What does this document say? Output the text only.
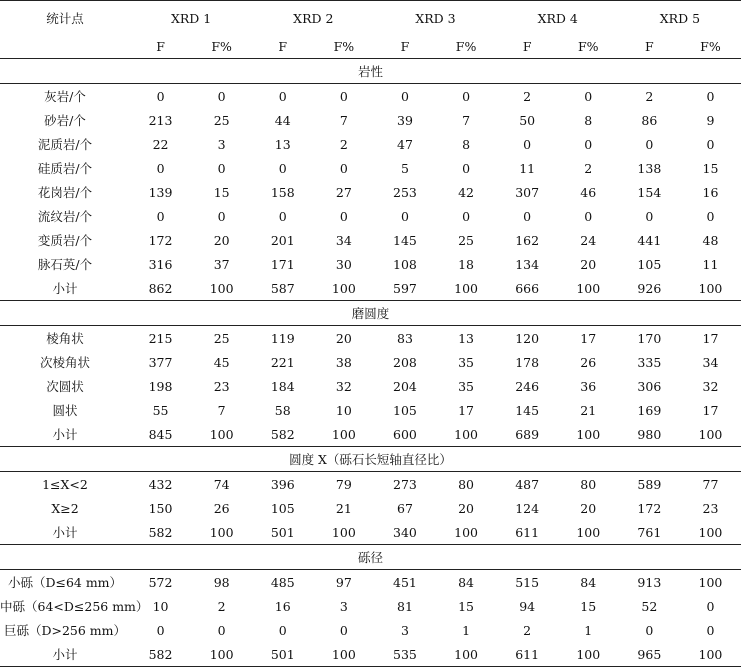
统计点	XRD 1		XRD 2		XRD 3		XRD 4		XRD 5	
	F	F%	F	F%	F	F%	F	F%	F	F%
岩性										
灰岩/个	0	0	0	0	0	0	2	0	2	0
砂岩/个	213	25	44	7	39	7	50	8	86	9
泥质岩/个	22	3	13	2	47	8	0	0	0	0
硅质岩/个	0	0	0	0	5	0	11	2	138	15
花岗岩/个	139	15	158	27	253	42	307	46	154	16
流纹岩/个	0	0	0	0	0	0	0	0	0	0
变质岩/个	172	20	201	34	145	25	162	24	441	48
脉石英/个	316	37	171	30	108	18	134	20	105	11
小计	862	100	587	100	597	100	666	100	926	100
磨圆度										
棱角状	215	25	119	20	83	13	120	17	170	17
次棱角状	377	45	221	38	208	35	178	26	335	34
次圆状	198	23	184	32	204	35	246	36	306	32
圆状	55	7	58	10	105	17	145	21	169	17
小计	845	100	582	100	600	100	689	100	980	100
圆度 X（砾石长短轴直径比）										
1≤X<2	432	74	396	79	273	80	487	80	589	77
X≥2	150	26	105	21	67	20	124	20	172	23
小计	582	100	501	100	340	100	611	100	761	100
砾径										
小砾（D≤64 mm）	572	98	485	97	451	84	515	84	913	100
中砾（64<D≤256 mm）	10	2	16	3	81	15	94	15	52	0
巨砾（D>256 mm）	0	0	0	0	3	1	2	1	0	0
小计	582	100	501	100	535	100	611	100	965	100
